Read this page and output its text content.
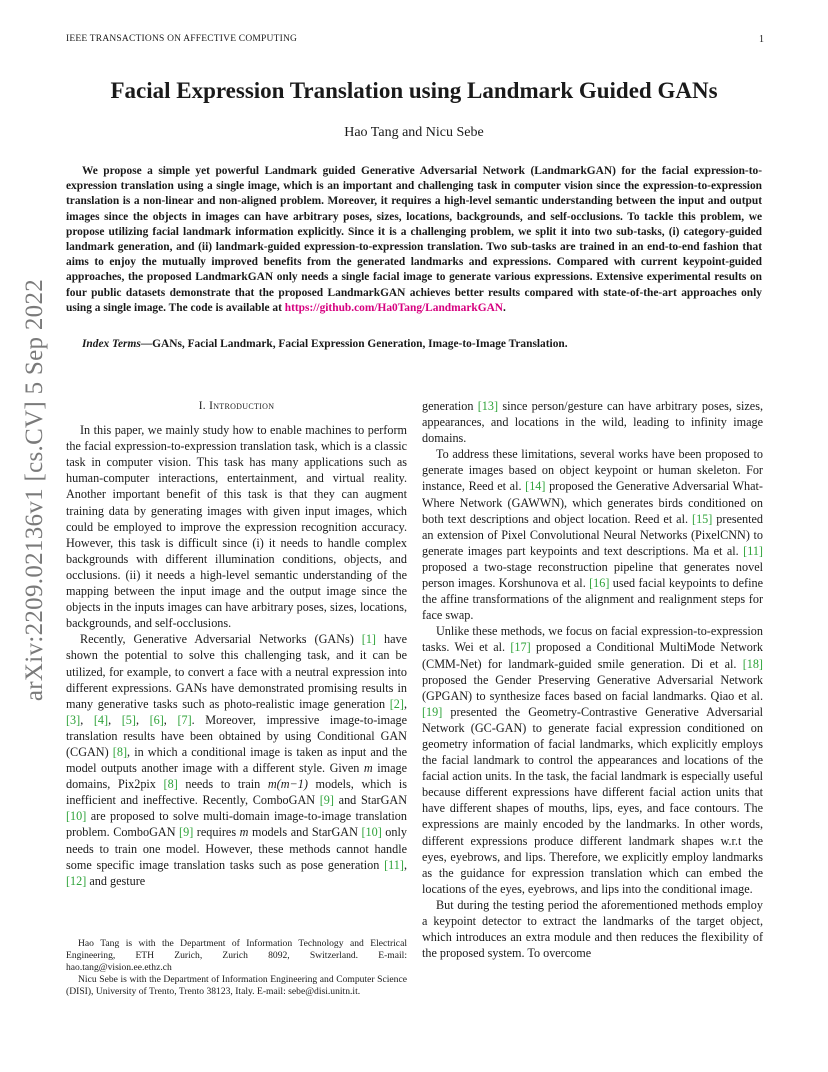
IEEE TRANSACTIONS ON AFFECTIVE COMPUTING	1
arXiv:2209.02136v1 [cs.CV] 5 Sep 2022
Facial Expression Translation using Landmark Guided GANs
Hao Tang and Nicu Sebe
We propose a simple yet powerful Landmark guided Generative Adversarial Network (LandmarkGAN) for the facial expression-to-expression translation using a single image, which is an important and challenging task in computer vision since the expression-to-expression translation is a non-linear and non-aligned problem. Moreover, it requires a high-level semantic understanding between the input and output images since the objects in images can have arbitrary poses, sizes, locations, backgrounds, and self-occlusions. To tackle this problem, we propose utilizing facial landmark information explicitly. Since it is a challenging problem, we split it into two sub-tasks, (i) category-guided landmark generation, and (ii) landmark-guided expression-to-expression translation. Two sub-tasks are trained in an end-to-end fashion that aims to enjoy the mutually improved benefits from the generated landmarks and expressions. Compared with current keypoint-guided approaches, the proposed LandmarkGAN only needs a single facial image to generate various expressions. Extensive experimental results on four public datasets demonstrate that the proposed LandmarkGAN achieves better results compared with state-of-the-art approaches only using a single image. The code is available at https://github.com/Ha0Tang/LandmarkGAN.
Index Terms—GANs, Facial Landmark, Facial Expression Generation, Image-to-Image Translation.
I. Introduction
In this paper, we mainly study how to enable machines to perform the facial expression-to-expression translation task, which is a classic task in computer vision. This task has many applications such as human-computer interactions, entertainment, and virtual reality. Another important benefit of this task is that they can augment training data by generating images with given input images, which could be employed to improve the expression recognition accuracy. However, this task is difficult since (i) it needs to handle complex backgrounds with different illumination conditions, objects, and occlusions. (ii) it needs a high-level semantic understanding of the mapping between the input image and the output image since the objects in the inputs images can have arbitrary poses, sizes, locations, backgrounds, and self-occlusions.
Recently, Generative Adversarial Networks (GANs) [1] have shown the potential to solve this challenging task, and it can be utilized, for example, to convert a face with a neutral expression into different expressions. GANs have demonstrated promising results in many generative tasks such as photo-realistic image generation [2], [3], [4], [5], [6], [7]. Moreover, impressive image-to-image translation results have been obtained by using Conditional GAN (CGAN) [8], in which a conditional image is taken as input and the model outputs another image with a different style. Given m image domains, Pix2pix [8] needs to train m(m−1) models, which is inefficient and ineffective. Recently, ComboGAN [9] and StarGAN [10] are proposed to solve multi-domain image-to-image translation problem. ComboGAN [9] requires m models and StarGAN [10] only needs to train one model. However, these methods cannot handle some specific image translation tasks such as pose generation [11], [12] and gesture
generation [13] since person/gesture can have arbitrary poses, sizes, appearances, and locations in the wild, leading to infinity image domains.
To address these limitations, several works have been proposed to generate images based on object keypoint or human skeleton. For instance, Reed et al. [14] proposed the Generative Adversarial What-Where Network (GAWWN), which generates birds conditioned on both text descriptions and object location. Reed et al. [15] presented an extension of Pixel Convolutional Neural Networks (PixelCNN) to generate images part keypoints and text descriptions. Ma et al. [11] proposed a two-stage reconstruction pipeline that generates novel person images. Korshunova et al. [16] used facial keypoints to define the affine transformations of the alignment and realignment steps for face swap.
Unlike these methods, we focus on facial expression-to-expression tasks. Wei et al. [17] proposed a Conditional MultiMode Network (CMM-Net) for landmark-guided smile generation. Di et al. [18] proposed the Gender Preserving Generative Adversarial Network (GPGAN) to synthesize faces based on facial landmarks. Qiao et al. [19] presented the Geometry-Contrastive Generative Adversarial Network (GC-GAN) to generate facial expression conditioned on geometry information of facial landmarks, which explicitly employs the facial landmark to control the appearances and locations of the facial action units. In the task, the facial landmark is especially useful because different expressions have different facial action units that have different shapes of mouths, lips, eyes, and face contours. The expressions are mainly encoded by the landmarks. In other words, different expressions produce different landmark shapes w.r.t the eyes, eyebrows, and lips. Therefore, we explicitly employ landmarks as the guidance for expression translation which can embed the locations of the eyes, eyebrows, and lips into the conditional image.
But during the testing period the aforementioned methods employ a keypoint detector to extract the landmarks of the target object, which introduces an extra module and then reduces the flexibility of the proposed system. To overcome
Hao Tang is with the Department of Information Technology and Electrical Engineering, ETH Zurich, Zurich 8092, Switzerland. E-mail: hao.tang@vision.ee.ethz.ch
Nicu Sebe is with the Department of Information Engineering and Computer Science (DISI), University of Trento, Trento 38123, Italy. E-mail: sebe@disi.unitn.it.
